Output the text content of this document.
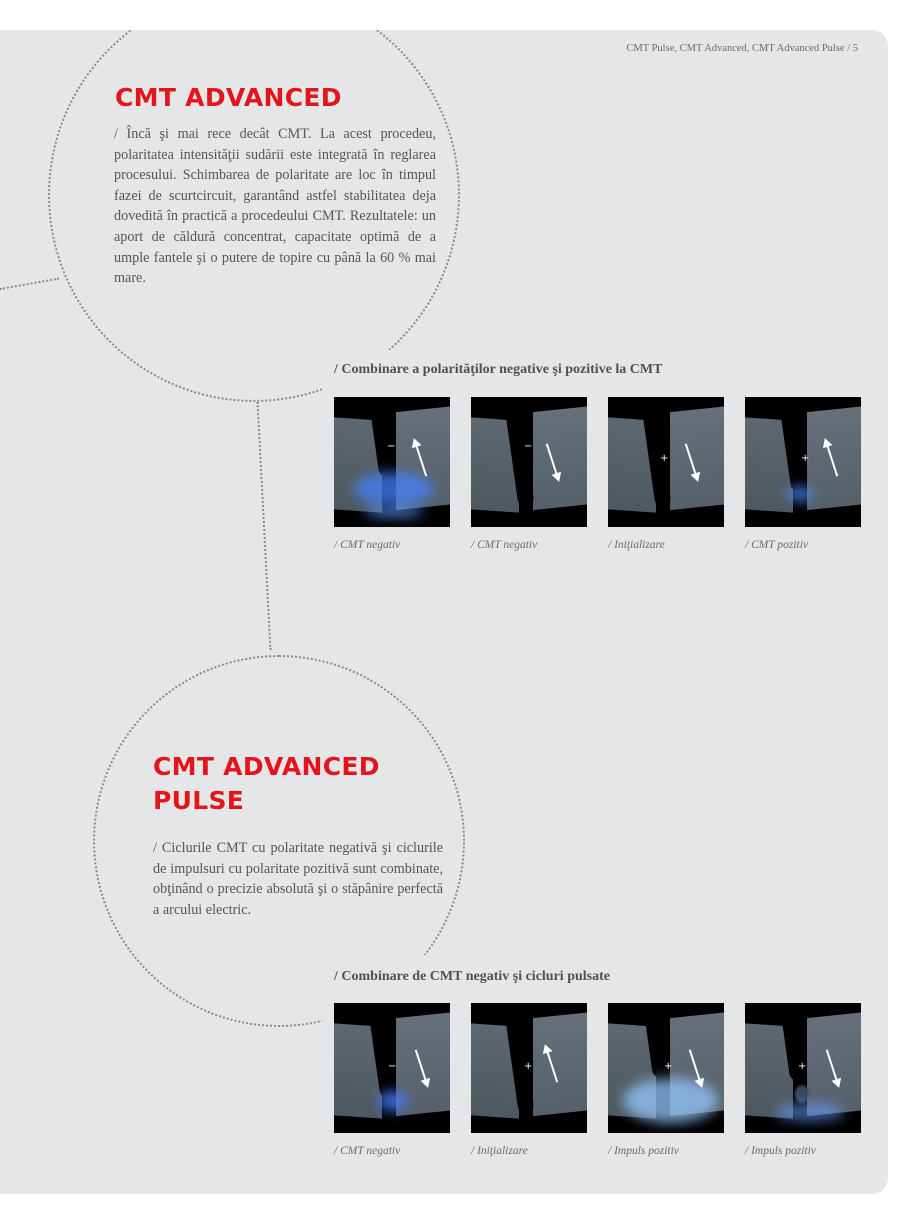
CMT Pulse, CMT Advanced, CMT Advanced Pulse / 5
CMT ADVANCED
/ Încă şi mai rece decât CMT. La acest procedeu, polaritatea intensităţii sudării este integrată în reglarea procesului. Schimbarea de polaritate are loc în timpul fazei de scurtcircuit, garantând astfel stabilitatea deja dovedită în practică a procedeului CMT. Rezultatele: un aport de căldură concentrat, capacitate optimă de a umple fantele şi o putere de topire cu până la 60 % mai mare.
/ Combinare a polarităţilor negative şi pozitive la CMT
−
/ CMT negativ
−
/ CMT negativ
+
/ Iniţializare
+
/ CMT pozitiv
CMT ADVANCED
PULSE
/ Ciclurile CMT cu polaritate negativă şi ciclurile de impulsuri cu polaritate pozitivă sunt combinate, obţinând o precizie absolută şi o stăpânire perfectă a arcului electric.
/ Combinare de CMT negativ şi cicluri pulsate
−
/ CMT negativ
+
/ Iniţializare
+
/ Impuls pozitiv
+
/ Impuls pozitiv
